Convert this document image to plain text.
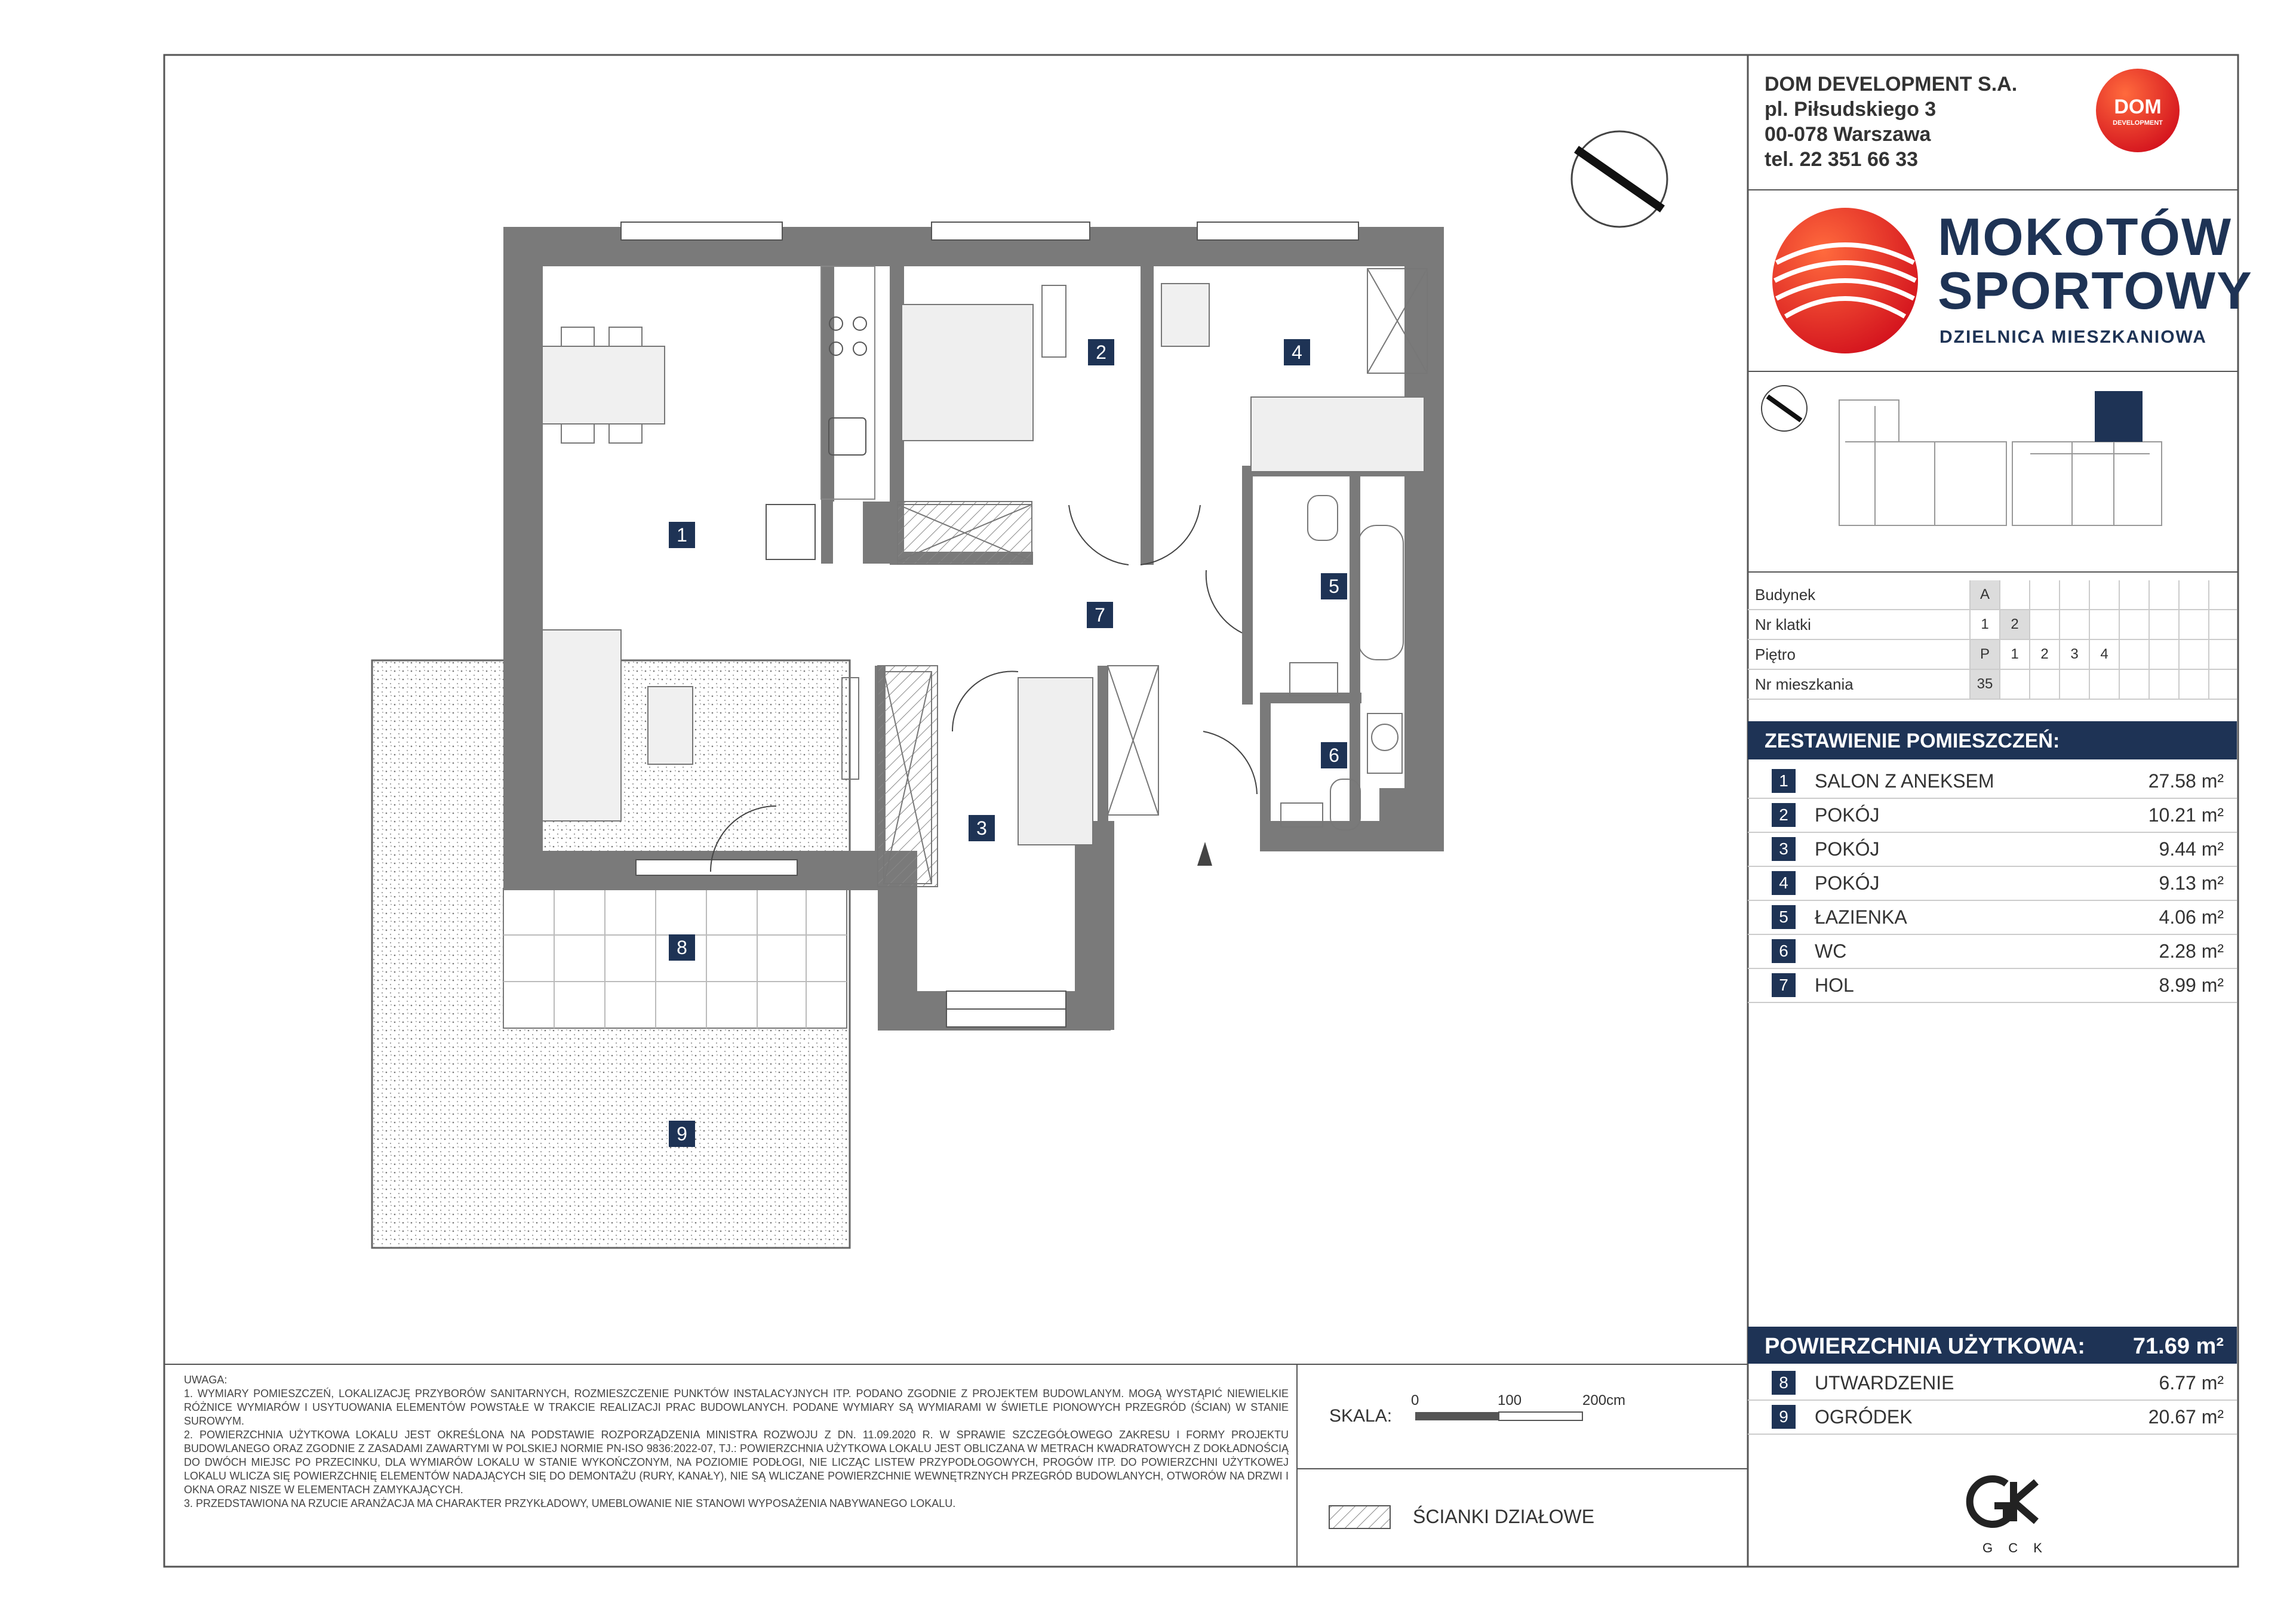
1
2
3
4
5
6
7
8
9
DOM DEVELOPMENT S.A.
pl. Piłsudskiego 3
00-078 Warszawa
tel. 22 351 66 33
DOM
DEVELOPMENT
MOKOTÓW
SPORTOWY
DZIELNICA MIESZKANIOWA
Budynek	A
Nr klatki	1	2
Piętro	P	1	2	3	4
Nr mieszkania	35
ZESTAWIENIE POMIESZCZEŃ:
1	SALON Z ANEKSEM	27.58 m²
2	POKÓJ	10.21 m²
3	POKÓJ	9.44 m²
4	POKÓJ	9.13 m²
5	ŁAZIENKA	4.06 m²
6	WC	2.28 m²
7	HOL	8.99 m²
POWIERZCHNIA UŻYTKOWA: 71.69 m²
8	UTWARDZENIE	6.77 m²
9	OGRÓDEK	20.67 m²

UWAGA:

1. WYMIARY POMIESZCZEŃ, LOKALIZACJĘ PRZYBORÓW SANITARNYCH, ROZMIESZCZENIE PUNKTÓW INSTALACYJNYCH ITP. PODANO ZGODNIE Z PROJEKTEM BUDOWLANYM. MOGĄ WYSTĄPIĆ NIEWIELKIE RÓŻNICE WYMIARÓW I USYTUOWANIA ELEMENTÓW POWSTAŁE W TRAKCIE REALIZACJI PRAC BUDOWLANYCH. PODANE WYMIARY SĄ WYMIARAMI W ŚWIETLE PIONOWYCH PRZEGRÓD (ŚCIAN) W STANIE SUROWYM.

2. POWIERZCHNIA UŻYTKOWA LOKALU JEST OKREŚLONA NA PODSTAWIE ROZPORZĄDZENIA MINISTRA ROZWOJU Z DN. 11.09.2020 R. W SPRAWIE SZCZEGÓŁOWEGO ZAKRESU I FORMY PROJEKTU BUDOWLANEGO ORAZ ZGODNIE Z ZASADAMI ZAWARTYMI W POLSKIEJ NORMIE PN-ISO 9836:2022-07, TJ.: POWIERZCHNIA UŻYTKOWA LOKALU JEST OBLICZANA W METRACH KWADRATOWYCH Z DOKŁADNOŚCIĄ DO DWÓCH MIEJSC PO PRZECINKU, DLA WYMIARÓW LOKALU W STANIE WYKOŃCZONYM, NA POZIOMIE PODŁOGI, NIE LICZĄC LISTEW PRZYPODŁOGOWYCH, PROGÓW ITP. DO POWIERZCHNI UŻYTKOWEJ LOKALU WLICZA SIĘ POWIERZCHNIĘ ELEMENTÓW NADAJĄCYCH SIĘ DO DEMONTAŻU (RURY, KANAŁY), NIE SĄ WLICZANE POWIERZCHNIE WEWNĘTRZNYCH PRZEGRÓD BUDOWLANYCH, OTWORÓW NA DRZWI I OKNA ORAZ NISZE W ELEMENTACH ZAMYKAJĄCYCH.

3. PRZEDSTAWIONA NA RZUCIE ARANŻACJA MA CHARAKTER PRZYKŁADOWY, UMEBLOWANIE NIE STANOWI WYPOSAŻENIA NABYWANEGO LOKALU.

SKALA:
0	100	200cm
ŚCIANKI DZIAŁOWE
G C K
